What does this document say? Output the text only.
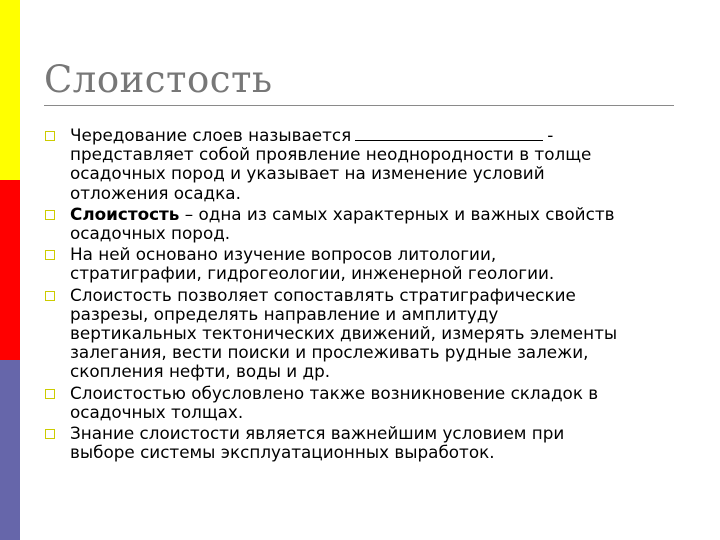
Слоистость
Чередование слоев называется	-
представляет собой проявление неоднородности в толще
осадочных пород и указывает на изменение условий
отложения осадка.
Слоистость – одна из самых характерных и важных свойств
осадочных пород.
На ней основано изучение вопросов литологии,
стратиграфии, гидрогеологии, инженерной геологии.
Слоистость позволяет сопоставлять стратиграфические
разрезы, определять направление и амплитуду
вертикальных тектонических движений, измерять элементы
залегания, вести поиски и прослеживать рудные залежи,
скопления нефти, воды и др.
Слоистостью обусловлено также возникновение складок в
осадочных толщах.
Знание слоистости является важнейшим условием при
выборе системы эксплуатационных выработок.
